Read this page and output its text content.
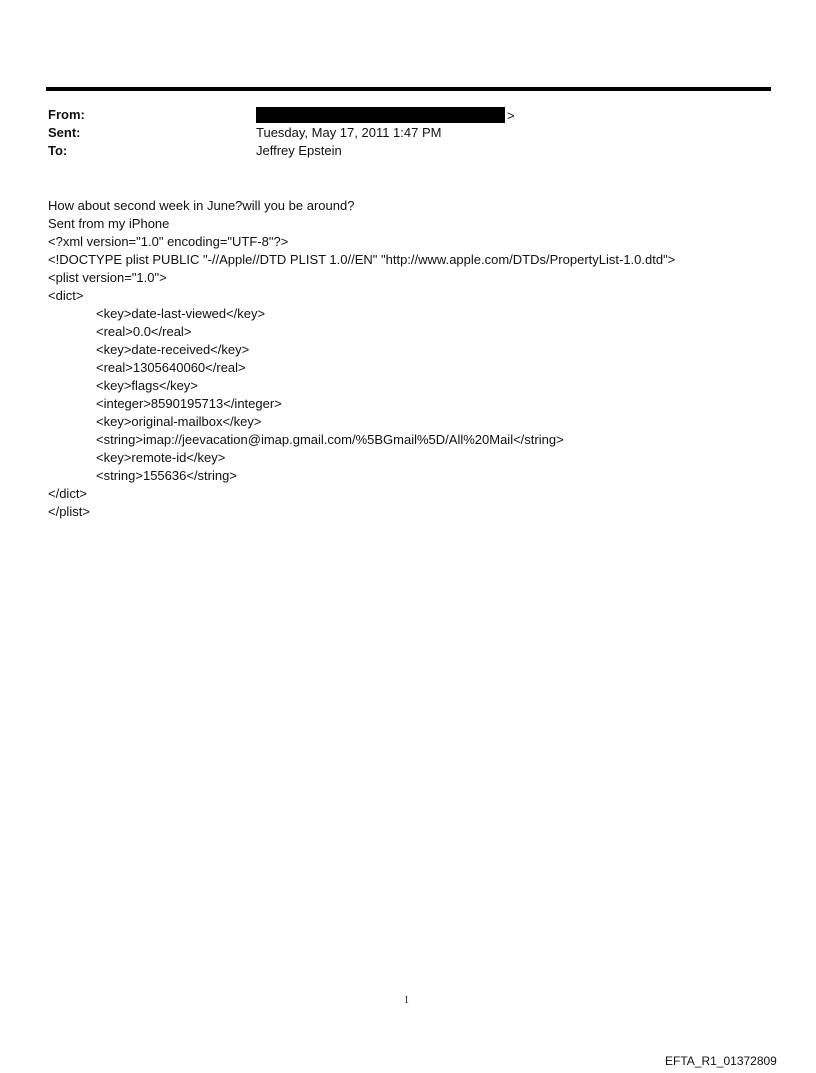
From:	>
Sent:	Tuesday, May 17, 2011 1:47 PM
To:	Jeffrey Epstein
How about second week in June?will you be around?
Sent from my iPhone
<?xml version="1.0" encoding="UTF-8"?>
<!DOCTYPE plist PUBLIC "-//Apple//DTD PLIST 1.0//EN" "http://www.apple.com/DTDs/PropertyList-1.0.dtd">
<plist version="1.0">
<dict>
<key>date-last-viewed</key>
<real>0.0</real>
<key>date-received</key>
<real>1305640060</real>
<key>flags</key>
<integer>8590195713</integer>
<key>original-mailbox</key>
<string>imap://jeevacation@imap.gmail.com/%5BGmail%5D/All%20Mail</string>
<key>remote-id</key>
<string>155636</string>
</dict>
</plist>
1
EFTA_R1_01372809
